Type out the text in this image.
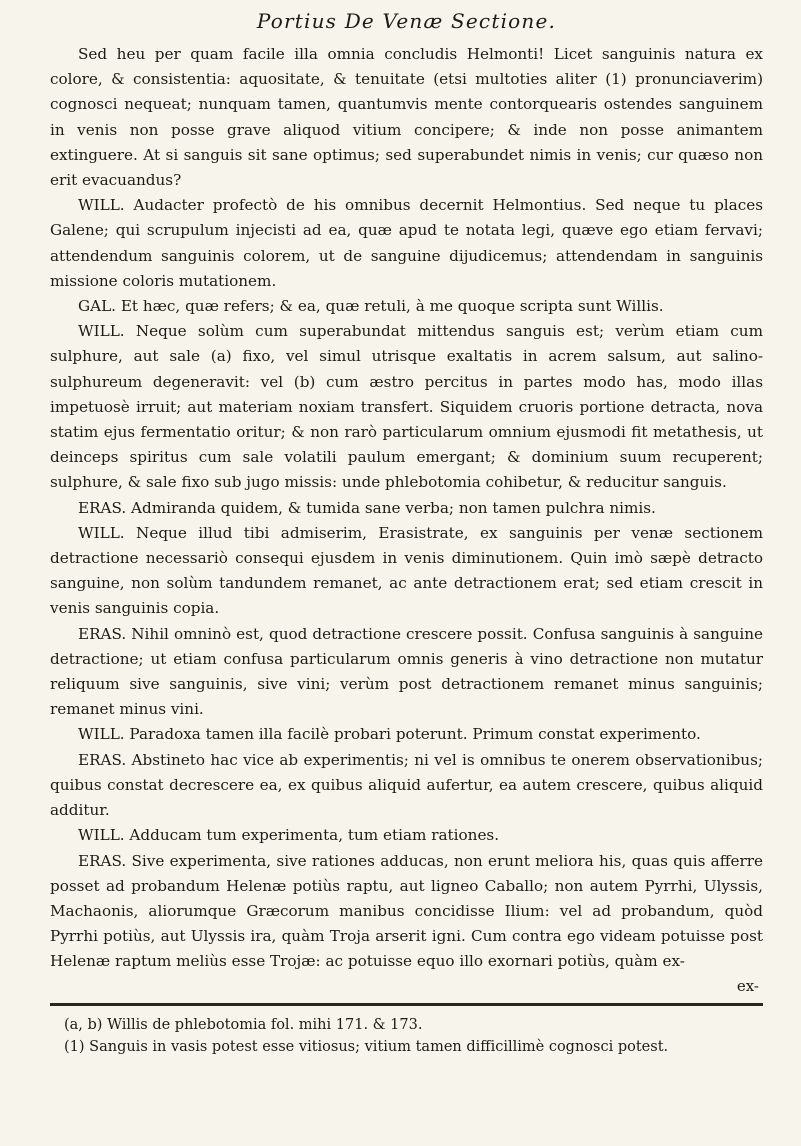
Portius De Venæ Sectione.

Sed heu per quam facile illa omnia concludis Helmonti! Licet sanguinis natura ex colore, & consistentia: aquositate, & tenuitate (etsi multoties aliter (1) pronunciaverim) cognosci nequeat; nunquam tamen, quantumvis mente contorquearis ostendes sanguinem in venis non posse grave aliquod vitium concipere; & inde non posse animantem extinguere. At si sanguis sit sane optimus; sed superabundet nimis in venis; cur quæso non erit evacuandus?

WILL. Audacter profectò de his omnibus decernit Helmontius. Sed neque tu places Galene; qui scrupulum injecisti ad ea, quæ apud te notata legi, quæve ego etiam fervavi; attendendum sanguinis colorem, ut de sanguine dijudicemus; attendendam in sanguinis missione coloris mutationem.

GAL. Et hæc, quæ refers; & ea, quæ retuli, à me quoque scripta sunt Willis.

WILL. Neque solùm cum superabundat mittendus sanguis est; verùm etiam cum sulphure, aut sale (a) fixo, vel simul utrisque exaltatis in acrem salsum, aut salino-sulphureum degeneravit: vel (b) cum æstro percitus in partes modo has, modo illas impetuosè irruit; aut materiam noxiam transfert. Siquidem cruoris portione detracta, nova statim ejus fermentatio oritur; & non rarò particularum omnium ejusmodi fit metathesis, ut deinceps spiritus cum sale volatili paulum emergant; & dominium suum recuperent; sulphure, & sale fixo sub jugo missis: unde phlebotomia cohibetur, & reducitur sanguis.

ERAS. Admiranda quidem, & tumida sane verba; non tamen pulchra nimis.

WILL. Neque illud tibi admiserim, Erasistrate, ex sanguinis per venæ sectionem detractione necessariò consequi ejusdem in venis diminutionem. Quin imò sæpè detracto sanguine, non solùm tandundem remanet, ac ante detractionem erat; sed etiam crescit in venis sanguinis copia.

ERAS. Nihil omninò est, quod detractione crescere possit. Confusa sanguinis à sanguine detractione; ut etiam confusa particularum omnis generis à vino detractione non mutatur reliquum sive sanguinis, sive vini; verùm post detractionem remanet minus sanguinis; remanet minus vini.

WILL. Paradoxa tamen illa facilè probari poterunt. Primum constat experimento.

ERAS. Abstineto hac vice ab experimentis; ni vel is omnibus te onerem observationibus; quibus constat decrescere ea, ex quibus aliquid aufertur, ea autem crescere, quibus aliquid additur.

WILL. Adducam tum experimenta, tum etiam rationes.

ERAS. Sive experimenta, sive rationes adducas, non erunt meliora his, quas quis afferre posset ad probandum Helenæ potiùs raptu, aut ligneo Caballo; non autem Pyrrhi, Ulyssis, Machaonis, aliorumque Græcorum manibus concidisse Ilium: vel ad probandum, quòd Pyrrhi potiùs, aut Ulyssis ira, quàm Troja arserit igni. Cum contra ego videam potuisse post Helenæ raptum meliùs esse Trojæ: ac potuisse equo illo exornari potiùs, quàm ex-

ex-

(a, b) Willis de phlebotomia fol. mihi 171. & 173.

(1) Sanguis in vasis potest esse vitiosus; vitium tamen difficillimè cognosci potest.
